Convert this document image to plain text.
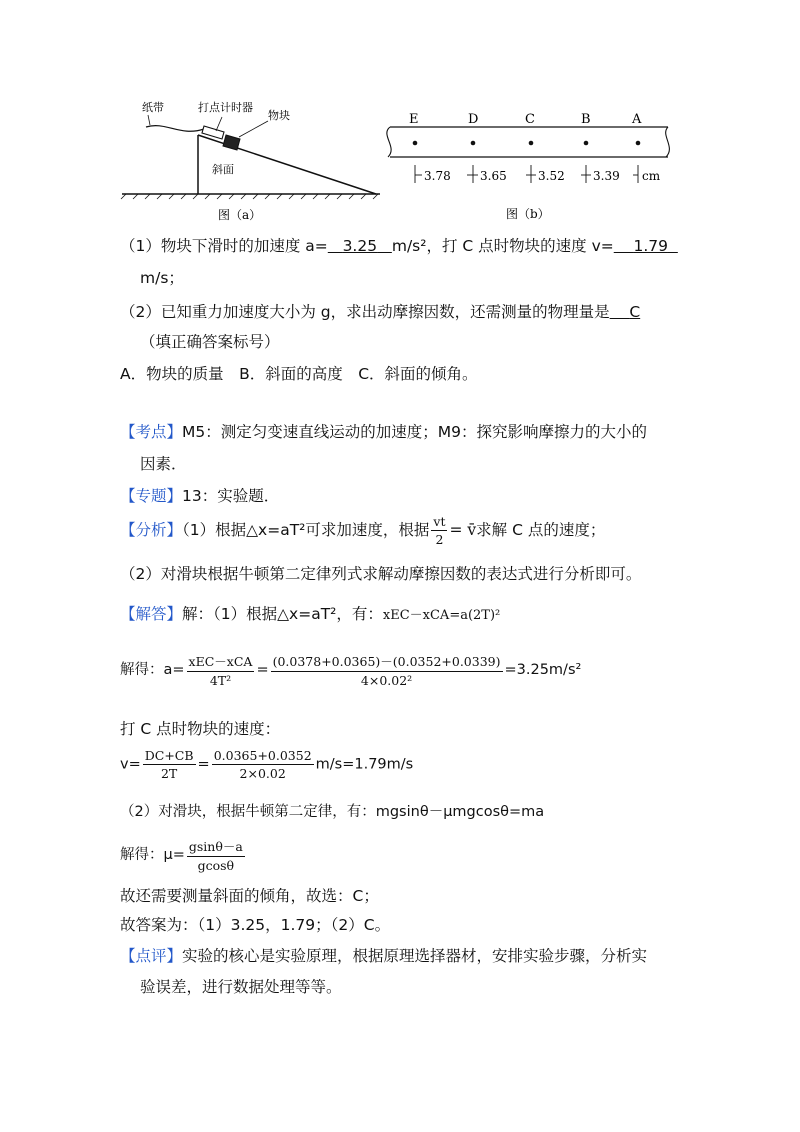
纸带	打点计时器
物块
斜面
图（a）
E	D	C	B	A
3.78 3.65	3.52 3.39 cm
图（b）
（1）物块下滑时的加速度 a= 3.25 m/s²，打 C 点时物块的速度 v= 1.79
m/s；
（2）已知重力加速度大小为 g，求出动摩擦因数，还需测量的物理量是 C
（填正确答案标号）
A．物块的质量　B．斜面的高度　C．斜面的倾角。
【考点】M5：测定匀变速直线运动的加速度；M9：探究影响摩擦力的大小的
因素．
【专题】13：实验题．
【分析】（1）根据△x=aT²可求加速度，根据 $\frac{vt}{2}$ = v̄求解 C 点的速度；
（2）对滑块根据牛顿第二定律列式求解动摩擦因数的表达式进行分析即可。
【解答】解：（1）根据△x=aT²，有：xEC－xCA=a(2T)²
解得：$a= \frac{\text{xEC－xCA}}{\text{4T²}} = \frac{(0.0378+0.0365)-(0.0352+0.0339)}{\text{4×0.02²}} =3.25m/s^2$
打 C 点时物块的速度：
$v= \frac{DC+CB}{2T} = \frac{0.0365+0.0352}{2\times 0.02} m/s=1.79m/s$
（2）对滑块，根据牛顿第二定律，有：mgsinθ－μmgcosθ=ma
解得：$\mu= \frac{gsin\theta-a}{gcos\theta}$
故还需要测量斜面的倾角，故选：C；
故答案为：（1）3.25，1.79；（2）C。
【点评】实验的核心是实验原理，根据原理选择器材，安排实验步骤，分析实
验误差，进行数据处理等等。
